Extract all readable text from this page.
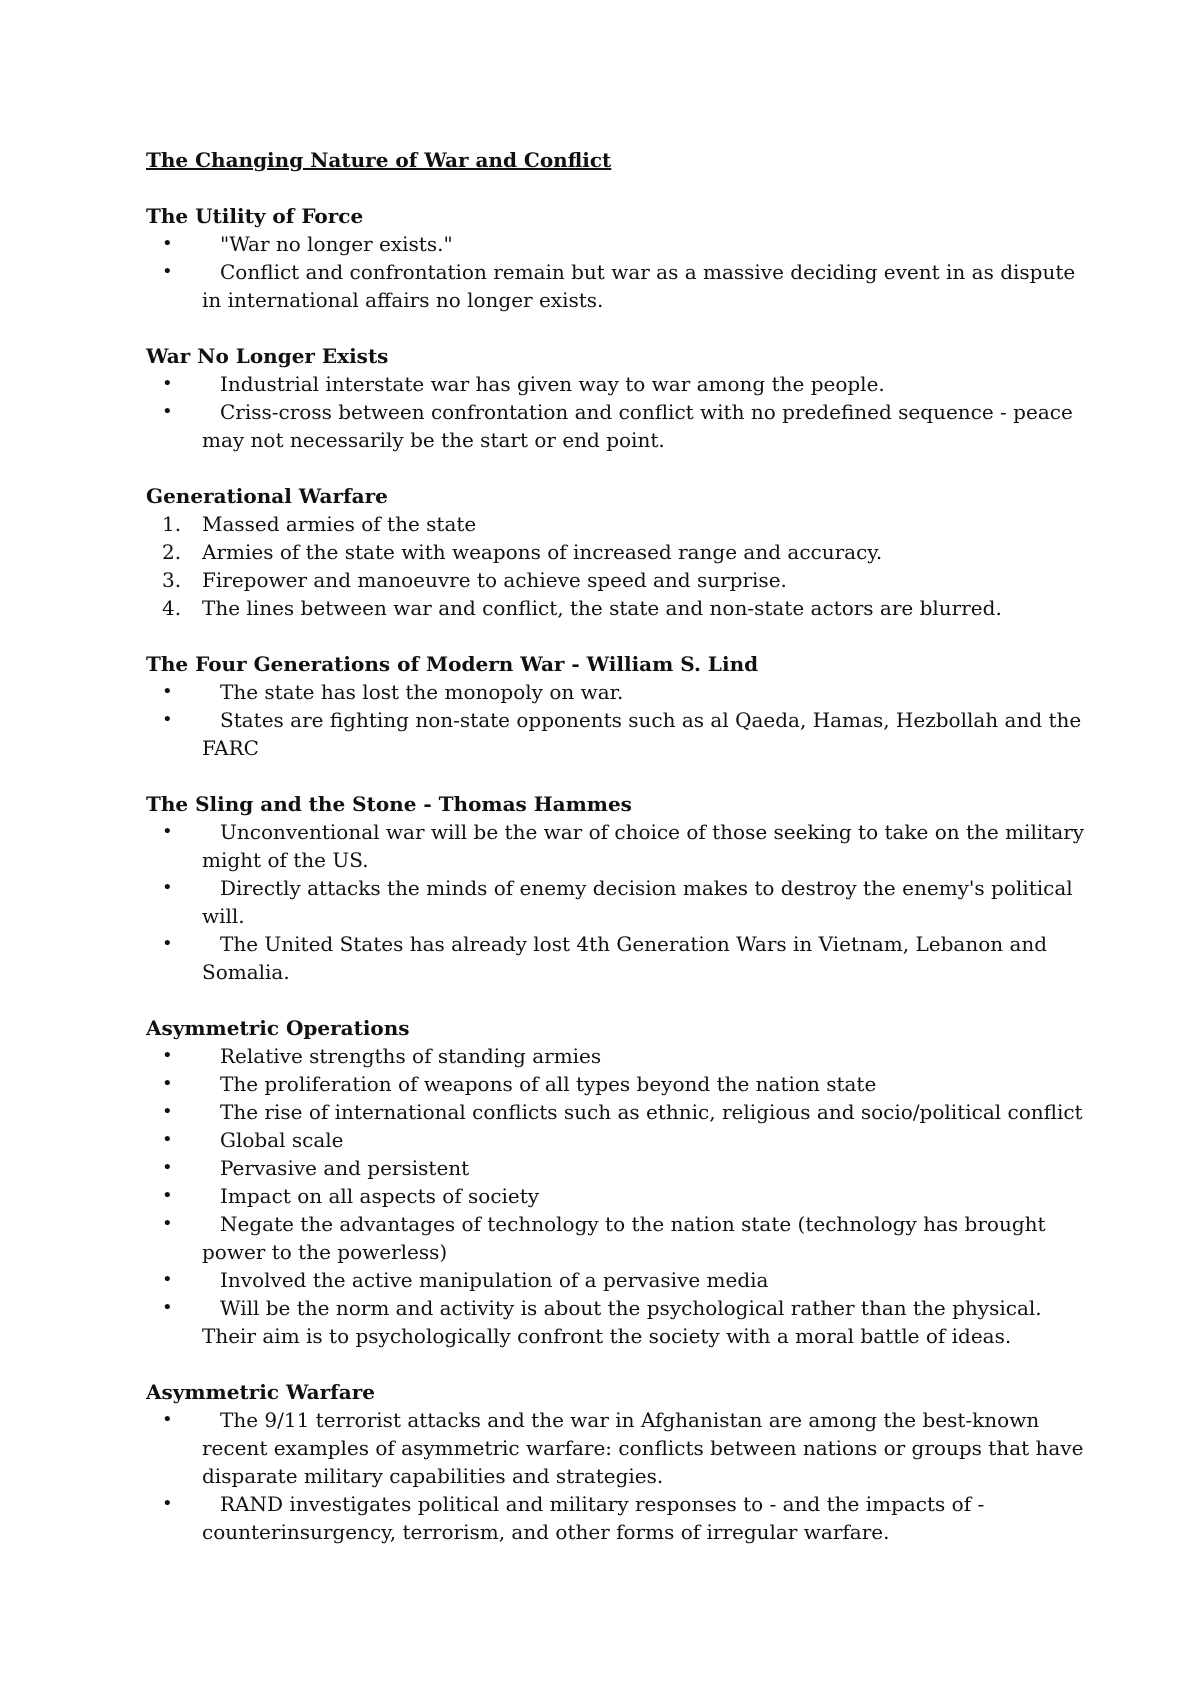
The Changing Nature of War and Conflict

The Utility of Force

•	"War no longer exists."
•	Conflict and confrontation remain but war as a massive deciding event in as dispute in international affairs no longer exists.

War No Longer Exists

•	Industrial interstate war has given way to war among the people.
•	Criss-cross between confrontation and conflict with no predefined sequence - peace may not necessarily be the start or end point.

Generational Warfare

1. Massed armies of the state
2. Armies of the state with weapons of increased range and accuracy.
3. Firepower and manoeuvre to achieve speed and surprise.
4. The lines between war and conflict, the state and non-state actors are blurred.

The Four Generations of Modern War - William S. Lind

•	The state has lost the monopoly on war.
•	States are fighting non-state opponents such as al Qaeda, Hamas, Hezbollah and the FARC

The Sling and the Stone - Thomas Hammes

•	Unconventional war will be the war of choice of those seeking to take on the military might of the US.
•	Directly attacks the minds of enemy decision makes to destroy the enemy's political will.
•	The United States has already lost 4th Generation Wars in Vietnam, Lebanon and Somalia.

Asymmetric Operations

•	Relative strengths of standing armies
•	The proliferation of weapons of all types beyond the nation state
•	The rise of international conflicts such as ethnic, religious and socio/political conflict
•	Global scale
•	Pervasive and persistent
•	Impact on all aspects of society
•	Negate the advantages of technology to the nation state (technology has brought power to the powerless)
•	Involved the active manipulation of a pervasive media
•	Will be the norm and activity is about the psychological rather than the physical. Their aim is to psychologically confront the society with a moral battle of ideas.

Asymmetric Warfare

•	The 9/11 terrorist attacks and the war in Afghanistan are among the best-known recent examples of asymmetric warfare: conflicts between nations or groups that have disparate military capabilities and strategies.
•	RAND investigates political and military responses to - and the impacts of - counterinsurgency, terrorism, and other forms of irregular warfare.
